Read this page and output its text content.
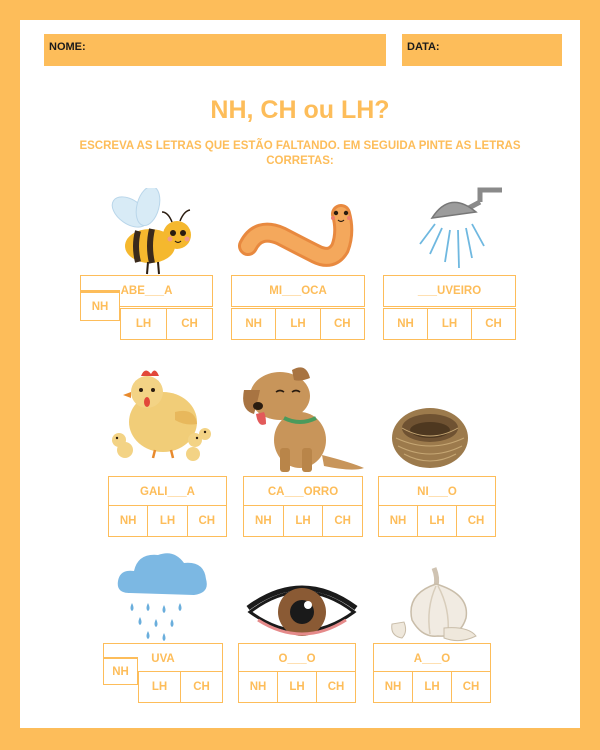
NOME:	DATA:
NH, CH ou LH?
ESCREVA AS LETRAS QUE ESTÃO FALTANDO. EM SEGUIDA PINTE AS LETRAS CORRETAS:
ABE___A
LH	CH
NH
MI___OCA
NH	LH	CH
___UVEIRO
NH	LH	CH
GALI___A
NH	LH	CH
CA___ORRO
NH	LH	CH
NI___O
NH	LH	CH
UVA
LH	CH
NH
O___O
NH	LH	CH
A___O
NH	LH	CH
